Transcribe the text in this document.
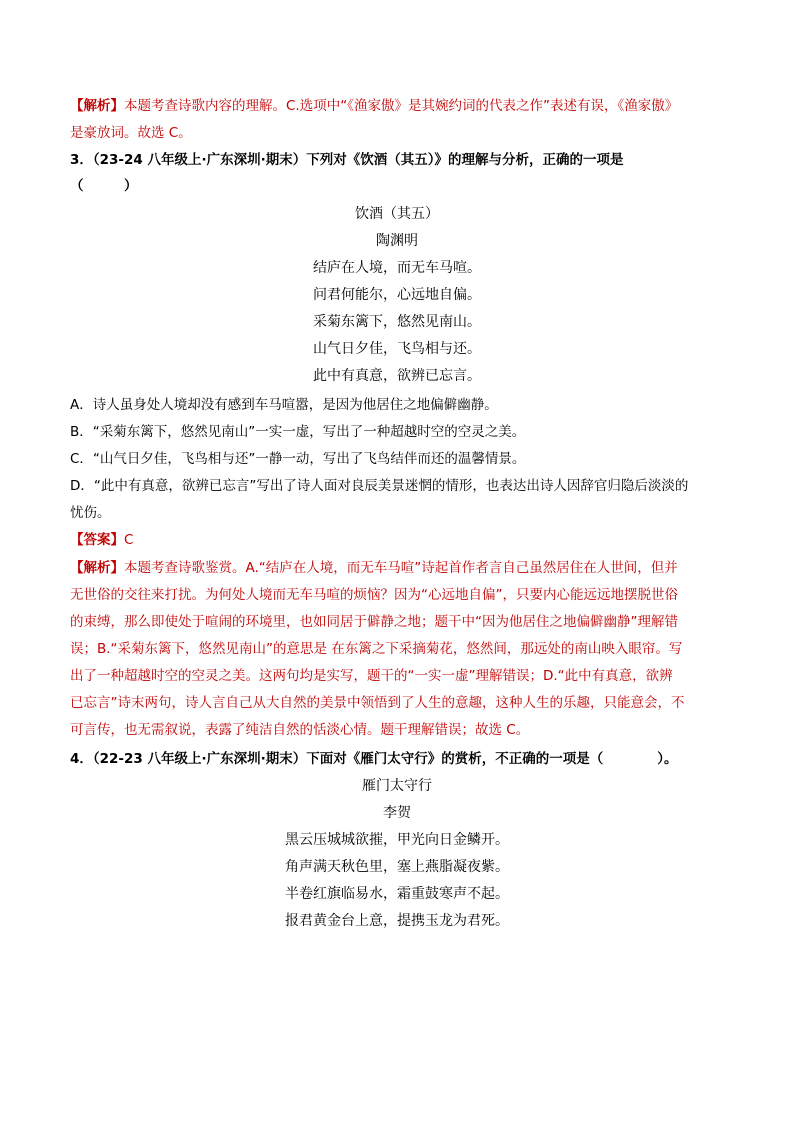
【解析】本题考查诗歌内容的理解。C.选项中“《渔家傲》是其婉约词的代表之作”表述有误，《渔家傲》
是豪放词。故选 C。
3．（23-24 八年级上·广东深圳·期末）下列对《饮酒（其五）》的理解与分析，正确的一项是
（　　　）
饮酒（其五）
陶渊明
结庐在人境，而无车马喧。
问君何能尔，心远地自偏。
采菊东篱下，悠然见南山。
山气日夕佳，飞鸟相与还。
此中有真意，欲辨已忘言。
A．诗人虽身处人境却没有感到车马喧嚣，是因为他居住之地偏僻幽静。
B．“采菊东篱下，悠然见南山”一实一虚，写出了一种超越时空的空灵之美。
C．“山气日夕佳，飞鸟相与还”一静一动，写出了飞鸟结伴而还的温馨情景。
D．“此中有真意，欲辨已忘言”写出了诗人面对良辰美景迷惘的情形，也表达出诗人因辞官归隐后淡淡的
忧伤。
【答案】C
【解析】本题考查诗歌鉴赏。A.“结庐在人境，而无车马喧”诗起首作者言自己虽然居住在人世间，但并
无世俗的交往来打扰。为何处人境而无车马喧的烦恼？因为“心远地自偏”，只要内心能远远地摆脱世俗
的束缚，那么即使处于喧闹的环境里，也如同居于僻静之地；题干中“因为他居住之地偏僻幽静”理解错
误；B.“采菊东篱下，悠然见南山”的意思是 在东篱之下采摘菊花，悠然间，那远处的南山映入眼帘。写
出了一种超越时空的空灵之美。这两句均是实写，题干的“一实一虚”理解错误；D.“此中有真意，欲辨
已忘言”诗末两句，诗人言自己从大自然的美景中领悟到了人生的意趣，这种人生的乐趣，只能意会，不
可言传，也无需叙说，表露了纯洁自然的恬淡心情。题干理解错误；故选 C。
4．（22-23 八年级上·广东深圳·期末）下面对《雁门太守行》的赏析，不正确的一项是（　　　　）。
雁门太守行
李贺
黑云压城城欲摧，甲光向日金鳞开。
角声满天秋色里，塞上燕脂凝夜紫。
半卷红旗临易水，霜重鼓寒声不起。
报君黄金台上意，提携玉龙为君死。
